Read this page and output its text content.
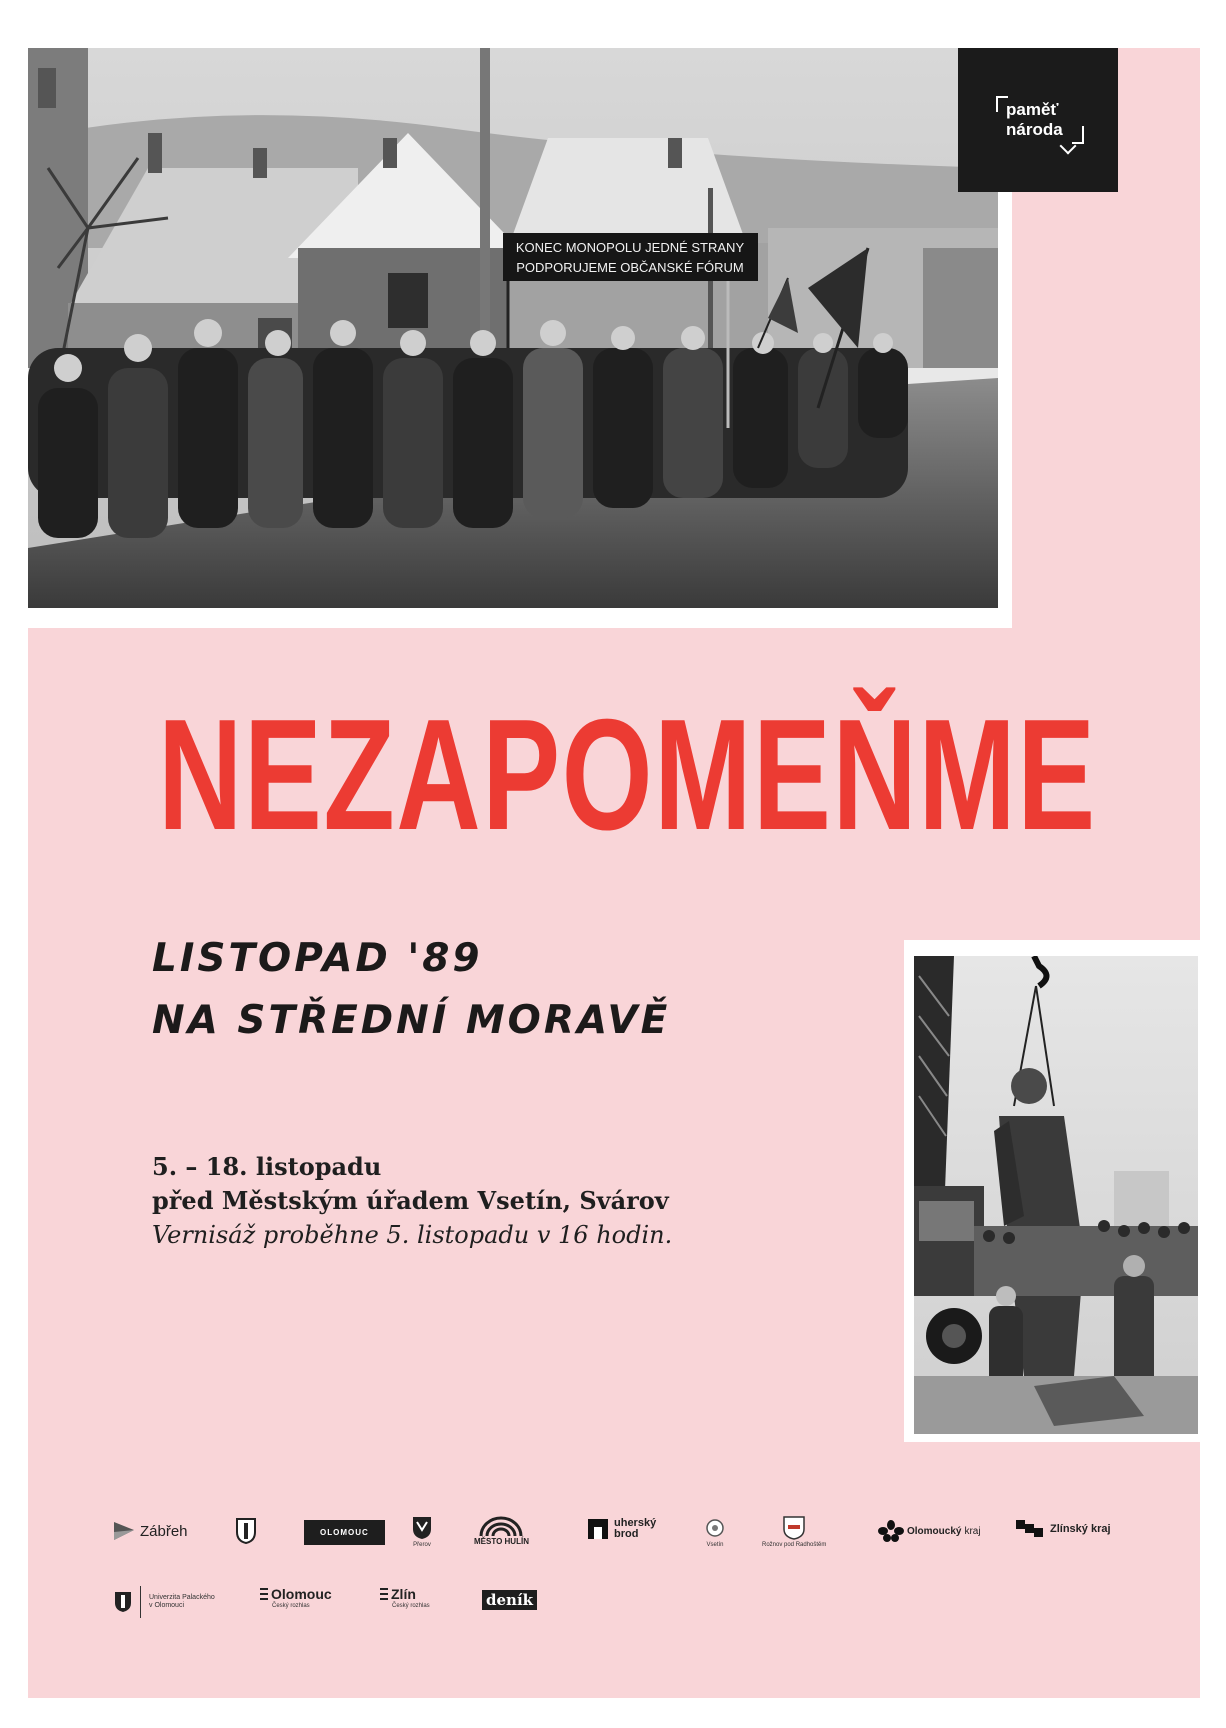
KONEC MONOPOLU JEDNÉ STRANY
PODPORUJEME OBČANSKÉ FÓRUM
paměť
národa
NEZAPOMEŇME
LISTOPAD '89
NA STŘEDNÍ MORAVĚ
5. – 18. listopadu
před Městským úřadem Vsetín, Svárov
Vernisáž proběhne 5. listopadu v 16 hodin.
Zábřeh	OLOMOUC
Přerov	MĚSTO HULÍN
uherský
brod
Vsetín	Rožnov pod Radhoštěm
Olomoucký kraj	Zlínský kraj
Univerzita Palackého
v Olomouci
Olomouc
Český rozhlas
Zlín
Český rozhlas	deník
